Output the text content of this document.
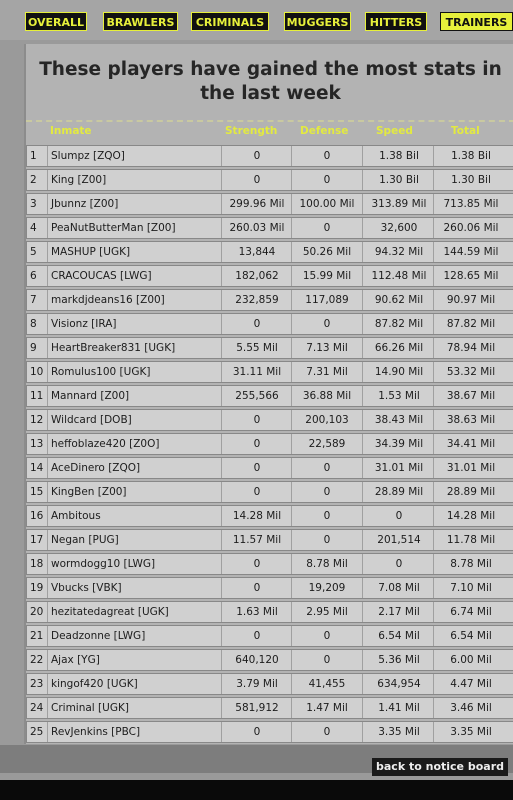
OVERALL	BRAWLERS	CRIMINALS	MUGGERS	HITTERS	TRAINERS
These players have gained the most stats in
the last week
Inmate	Strength Defense	Speed	Total
1	Slumpz [ZQO]	0	0	1.38 Bil	1.38 Bil
2	King [Z00]	0	0	1.30 Bil	1.30 Bil
3	Jbunnz [Z00]	299.96 Mil	100.00 Mil	313.89 Mil	713.85 Mil
4	PeaNutButterMan [Z00]	260.03 Mil	0	32,600	260.06 Mil
5	MASHUP [UGK]	13,844	50.26 Mil	94.32 Mil	144.59 Mil
6	CRACOUCAS [LWG]	182,062	15.99 Mil	112.48 Mil	128.65 Mil
7	markdjdeans16 [Z00]	232,859	117,089	90.62 Mil	90.97 Mil
8	Visionz [IRA]	0	0	87.82 Mil	87.82 Mil
9	HeartBreaker831 [UGK]	5.55 Mil	7.13 Mil	66.26 Mil	78.94 Mil
10 Romulus100 [UGK]	31.11 Mil	7.31 Mil	14.90 Mil	53.32 Mil
11 Mannard [Z00]	255,566	36.88 Mil	1.53 Mil	38.67 Mil
12 Wildcard [DOB]	0	200,103	38.43 Mil	38.63 Mil
13 heffoblaze420 [Z0O]	0	22,589	34.39 Mil	34.41 Mil
14 AceDinero [ZQO]	0	0	31.01 Mil	31.01 Mil
15 KingBen [Z00]	0	0	28.89 Mil	28.89 Mil
16 Ambitous	14.28 Mil	0	0	14.28 Mil
17 Negan [PUG]	11.57 Mil	0	201,514	11.78 Mil
18 wormdogg10 [LWG]	0	8.78 Mil	0	8.78 Mil
19 Vbucks [VBK]	0	19,209	7.08 Mil	7.10 Mil
20 hezitatedagreat [UGK]	1.63 Mil	2.95 Mil	2.17 Mil	6.74 Mil
21 Deadzonne [LWG]	0	0	6.54 Mil	6.54 Mil
22 Ajax [YG]	640,120	0	5.36 Mil	6.00 Mil
23 kingof420 [UGK]	3.79 Mil	41,455	634,954	4.47 Mil
24 Criminal [UGK]	581,912	1.47 Mil	1.41 Mil	3.46 Mil
25 RevJenkins [PBC]	0	0	3.35 Mil	3.35 Mil
back to notice board
